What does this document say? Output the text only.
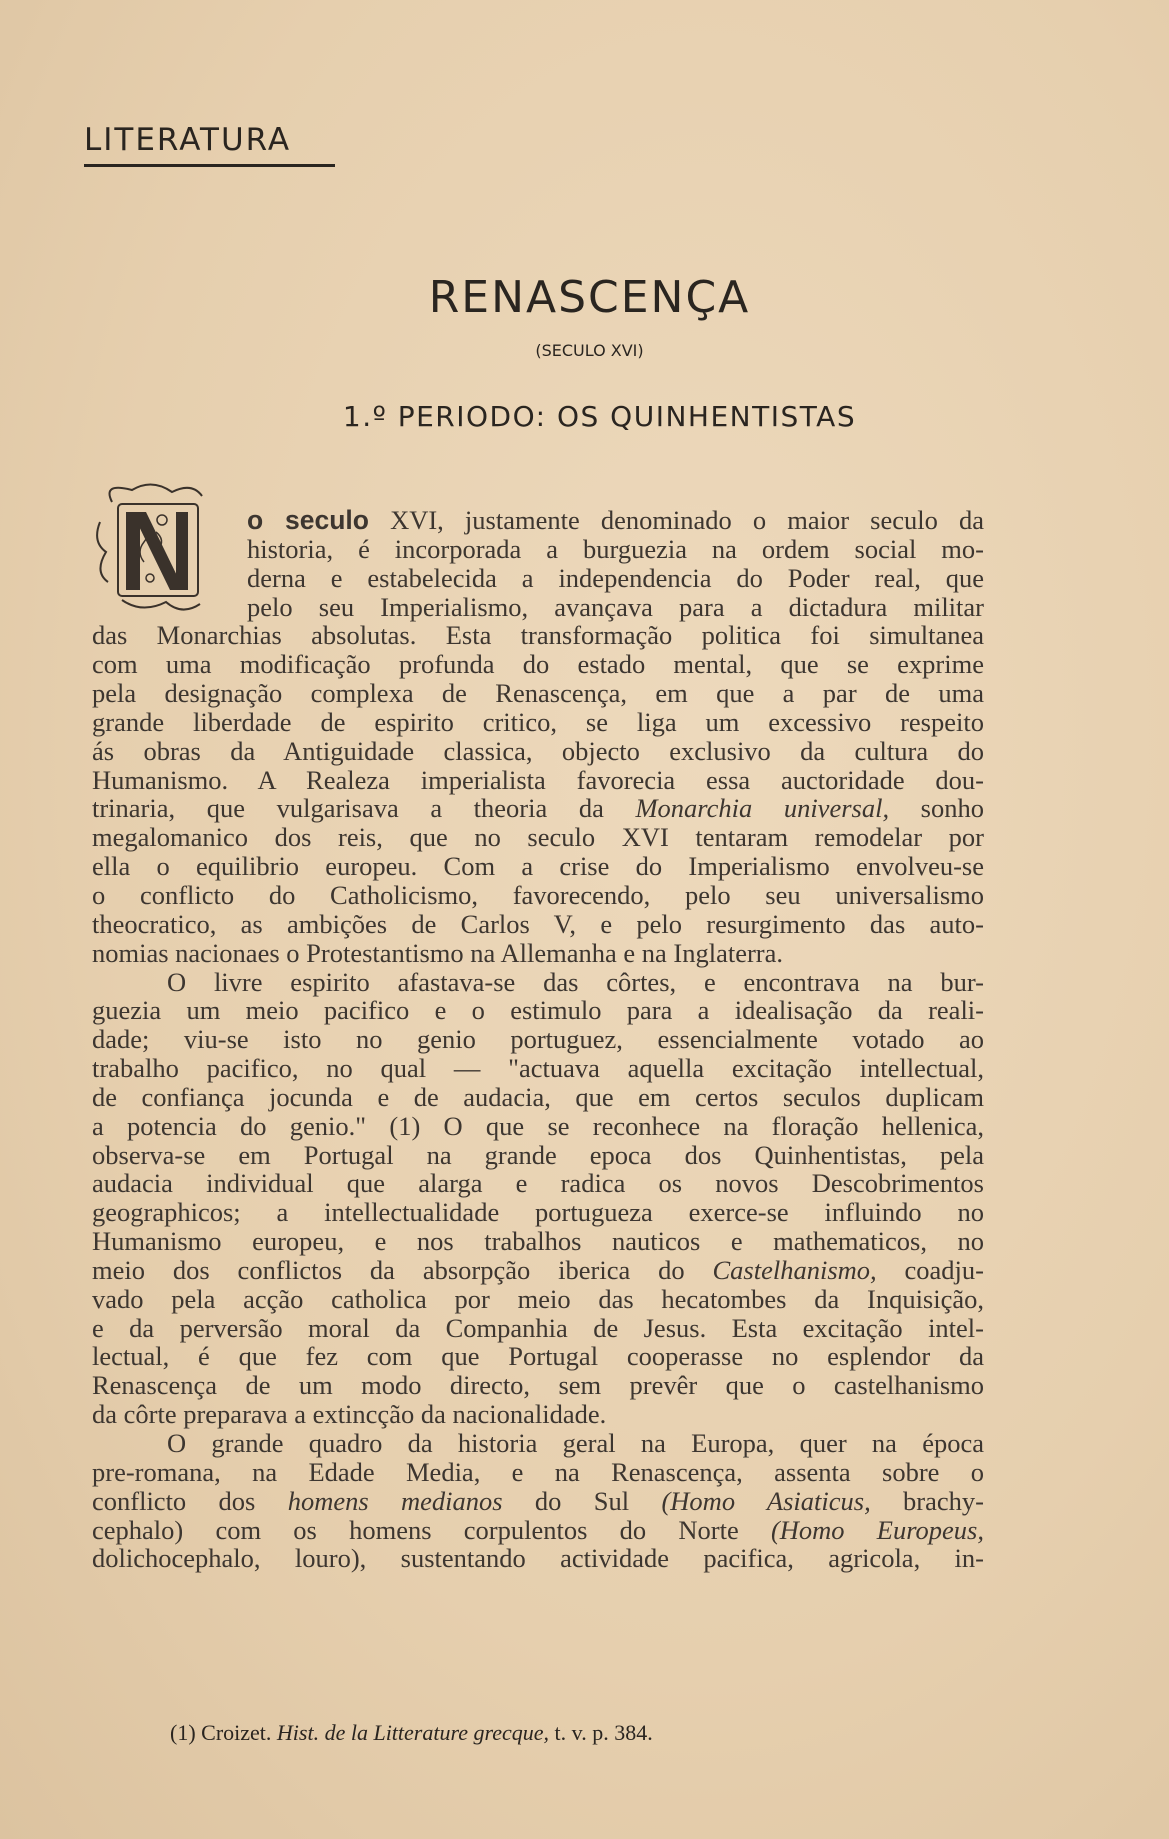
LITERATURA
RENASCENÇA
(SECULO XVI)
1.º PERIODO: OS QUINHENTISTAS
o seculo XVI, justamente denominado o maior seculo da
historia, é incorporada a burguezia na ordem social mo-
derna e estabelecida a independencia do Poder real, que
pelo seu Imperialismo, avançava para a dictadura militar
das Monarchias absolutas. Esta transformação politica foi simultanea
com uma modificação profunda do estado mental, que se exprime
pela designação complexa de Renascença, em que a par de uma
grande liberdade de espirito critico, se liga um excessivo respeito
ás obras da Antiguidade classica, objecto exclusivo da cultura do
Humanismo. A Realeza imperialista favorecia essa auctoridade dou-
trinaria, que vulgarisava a theoria da Monarchia universal, sonho
megalomanico dos reis, que no seculo XVI tentaram remodelar por
ella o equilibrio europeu. Com a crise do Imperialismo envolveu-se
o conflicto do Catholicismo, favorecendo, pelo seu universalismo
theocratico, as ambições de Carlos V, e pelo resurgimento das auto-
nomias nacionaes o Protestantismo na Allemanha e na Inglaterra.
O livre espirito afastava-se das côrtes, e encontrava na bur-
guezia um meio pacifico e o estimulo para a idealisação da reali-
dade; viu-se isto no genio portuguez, essencialmente votado ao
trabalho pacifico, no qual — "actuava aquella excitação intellectual,
de confiança jocunda e de audacia, que em certos seculos duplicam
a potencia do genio." (1) O que se reconhece na floração hellenica,
observa-se em Portugal na grande epoca dos Quinhentistas, pela
audacia individual que alarga e radica os novos Descobrimentos
geographicos; a intellectualidade portugueza exerce-se influindo no
Humanismo europeu, e nos trabalhos nauticos e mathematicos, no
meio dos conflictos da absorpção iberica do Castelhanismo, coadju-
vado pela acção catholica por meio das hecatombes da Inquisição,
e da perversão moral da Companhia de Jesus. Esta excitação intel-
lectual, é que fez com que Portugal cooperasse no esplendor da
Renascença de um modo directo, sem prevêr que o castelhanismo
da côrte preparava a extincção da nacionalidade.
O grande quadro da historia geral na Europa, quer na época
pre-romana, na Edade Media, e na Renascença, assenta sobre o
conflicto dos homens medianos do Sul (Homo Asiaticus, brachy-
cephalo) com os homens corpulentos do Norte (Homo Europeus,
dolichocephalo, louro), sustentando actividade pacifica, agricola, in-
(1) Croizet. Hist. de la Litterature grecque, t. v. p. 384.
